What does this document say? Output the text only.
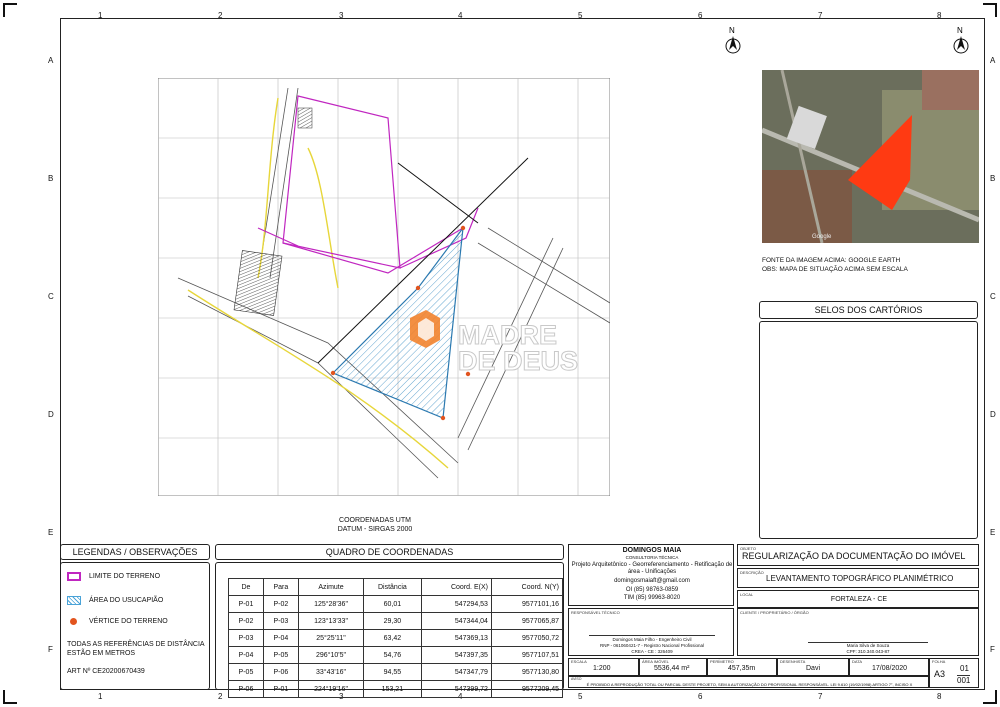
1	2	3	4	5	6	7	8
1	2	3	4	5	6	7	8
A
B
C
D
E
F
A
B
C
D
E
F
N	N
MADRE
DE DEUS
COORDENADAS UTM
DATUM - SIRGAS 2000
Google
FONTE DA IMAGEM ACIMA: GOOGLE EARTH
OBS: MAPA DE SITUAÇÃO ACIMA SEM ESCALA
SELOS DOS CARTÓRIOS
LEGENDAS / OBSERVAÇÕES
LIMITE DO TERRENO
ÁREA DO USUCAPIÃO
VÉRTICE DO TERRENO
TODAS AS REFERÊNCIAS DE DISTÂNCIA ESTÃO EM METROS
ART Nº CE20200670439
QUADRO DE COORDENADAS
De	Para	Azimute	Distância	Coord. E(X)	Coord. N(Y)
P-01	P-02	125°28'36"	60,01	547294,53	9577101,16
P-02	P-03	123°13'33"	29,30	547344,04	9577065,87
P-03	P-04	25°25'11"	63,42	547369,13	9577050,72
P-04	P-05	296°10'5"	54,76	547397,35	9577107,51
P-05	P-06	33°43'16"	94,55	547347,79	9577130,80
P-06	P-01	224°19'16"	153,21	547399,72	9577209,45
DOMINGOS MAIA
CONSULTORIA TÉCNICA
Projeto Arquitetônico - Georreferenciamento - Retificação de área - Unificações
domingosmaiaft@gmail.com
OI (85) 98763-0859
TIM (85) 99963-8020
RESPONSÁVEL TÉCNICO
Domingos Maia Filho - Engenheiro Civil
RNP - 061060421-7 - Registro Nacional Profissional
CREA - CE : 326409
OBJETO
REGULARIZAÇÃO DA DOCUMENTAÇÃO DO IMÓVEL
DESCRIÇÃO
LEVANTAMENTO TOPOGRÁFICO PLANIMÉTRICO
LOCAL
FORTALEZA - CE
CLIENTE / PROPRIETÁRIO / ÓRGÃO
Maria Silva de Souza
CPF: 310.340.043-87
ESCALA
1:200
ÁREA IMÓVEL
5536,44 m²
PERÍMETRO
457,35m
DESENHISTA
Davi
DATA
17/08/2020
FOLHA
A3
01
001
AVISO
É PROIBIDO A REPRODUÇÃO TOTAL OU PARCIAL DESTE PROJETO, SEM A AUTORIZAÇÃO DO PROFISSIONAL RESPONSÁVEL. LEI 9.610 (19/02/1998) ARTIGO 7°, INCISO X
